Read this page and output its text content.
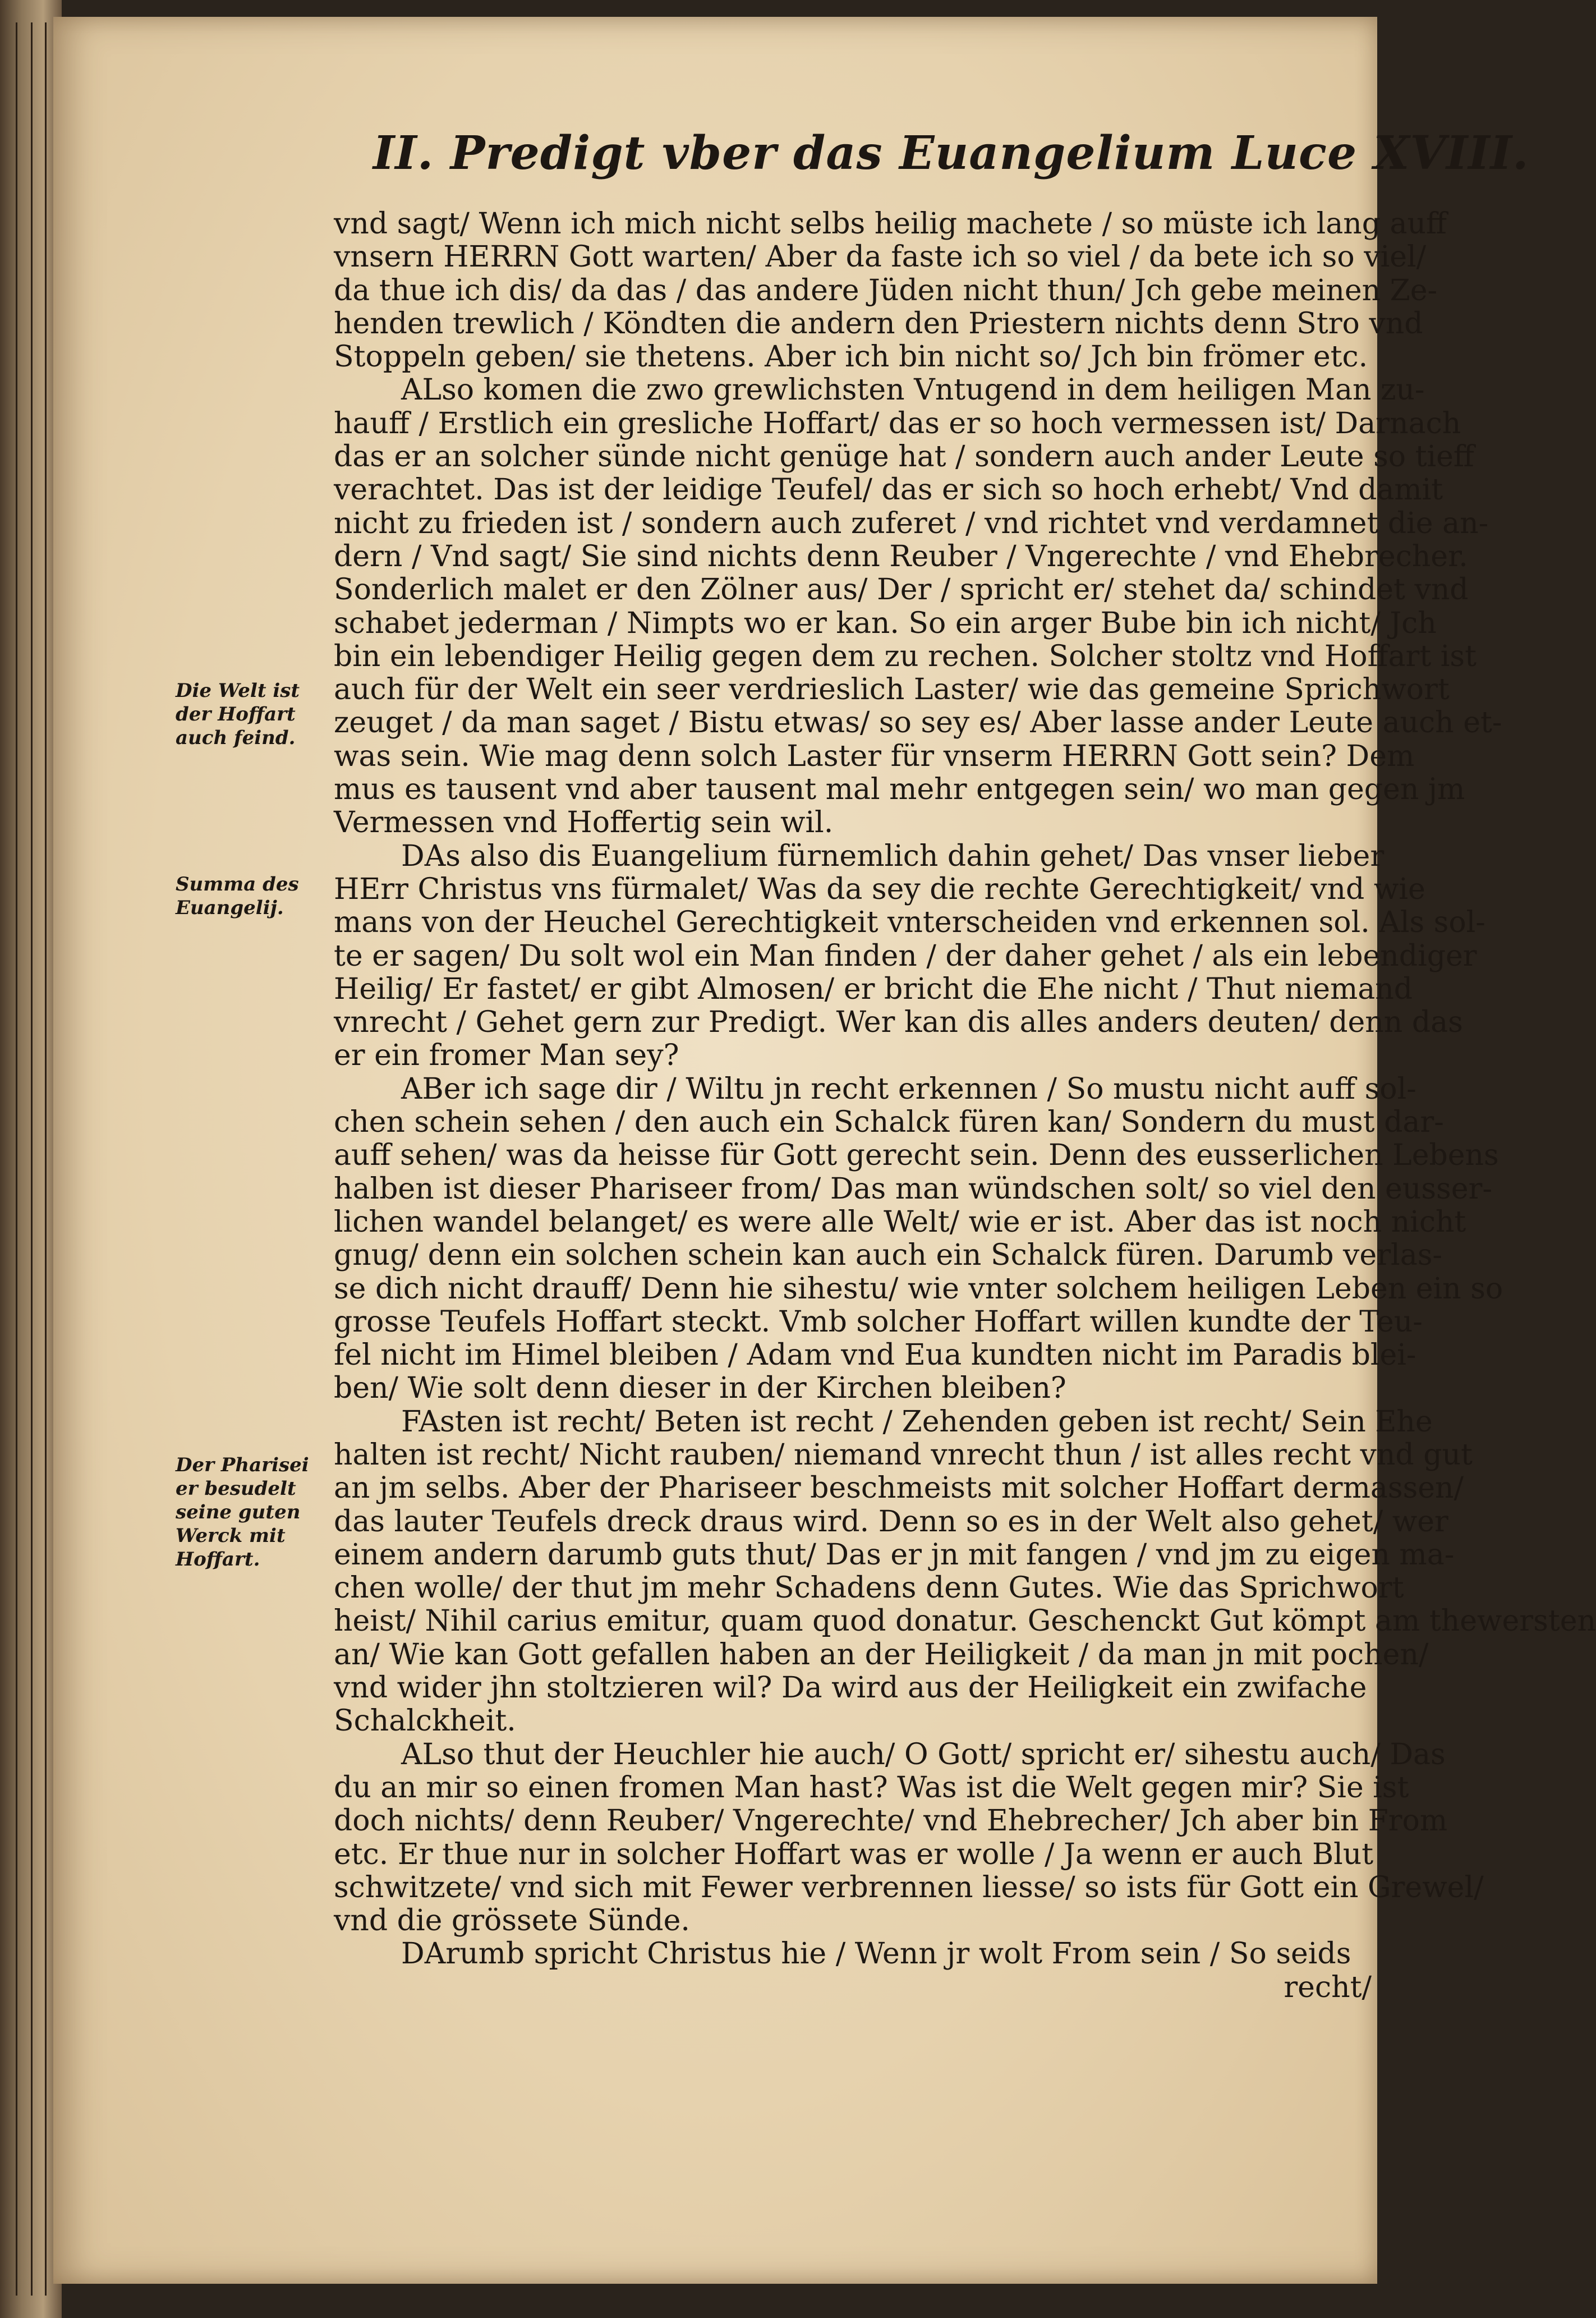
II. Predigt vber das Euangelium Luce XVIII.
Die Welt ist der Hoffart auch feind.
Summa des Euangelij.
Der Pharisei er besudelt seine guten Werck mit Hoffart.
vnd sagt/ Wenn ich mich nicht selbs heilig machete / so müste ich lang auff
vnsern HERRN Gott warten/ Aber da faste ich so viel / da bete ich so viel/
da thue ich dis/ da das / das andere Jüden nicht thun/ Jch gebe meinen Ze-
henden trewlich / Köndten die andern den Priestern nichts denn Stro vnd
Stoppeln geben/ sie thetens. Aber ich bin nicht so/ Jch bin frömer etc.
ALso komen die zwo grewlichsten Vntugend in dem heiligen Man zu-
hauff / Erstlich ein gresliche Hoffart/ das er so hoch vermessen ist/ Darnach
das er an solcher sünde nicht genüge hat / sondern auch ander Leute so tieff
verachtet. Das ist der leidige Teufel/ das er sich so hoch erhebt/ Vnd damit
nicht zu frieden ist / sondern auch zuferet / vnd richtet vnd verdamnet die an-
dern / Vnd sagt/ Sie sind nichts denn Reuber / Vngerechte / vnd Ehebrecher.
Sonderlich malet er den Zölner aus/ Der / spricht er/ stehet da/ schindet vnd
schabet jederman / Nimpts wo er kan. So ein arger Bube bin ich nicht/ Jch
bin ein lebendiger Heilig gegen dem zu rechen. Solcher stoltz vnd Hoffart ist
auch für der Welt ein seer verdrieslich Laster/ wie das gemeine Sprichwort
zeuget / da man saget / Bistu etwas/ so sey es/ Aber lasse ander Leute auch et-
was sein. Wie mag denn solch Laster für vnserm HERRN Gott sein? Dem
mus es tausent vnd aber tausent mal mehr entgegen sein/ wo man gegen jm
Vermessen vnd Hoffertig sein wil.
DAs also dis Euangelium fürnemlich dahin gehet/ Das vnser lieber
HErr Christus vns fürmalet/ Was da sey die rechte Gerechtigkeit/ vnd wie
mans von der Heuchel Gerechtigkeit vnterscheiden vnd erkennen sol. Als sol-
te er sagen/ Du solt wol ein Man finden / der daher gehet / als ein lebendiger
Heilig/ Er fastet/ er gibt Almosen/ er bricht die Ehe nicht / Thut niemand
vnrecht / Gehet gern zur Predigt. Wer kan dis alles anders deuten/ denn das
er ein fromer Man sey?
ABer ich sage dir / Wiltu jn recht erkennen / So mustu nicht auff sol-
chen schein sehen / den auch ein Schalck füren kan/ Sondern du must dar-
auff sehen/ was da heisse für Gott gerecht sein. Denn des eusserlichen Lebens
halben ist dieser Phariseer from/ Das man wündschen solt/ so viel den eusser-
lichen wandel belanget/ es were alle Welt/ wie er ist. Aber das ist noch nicht
gnug/ denn ein solchen schein kan auch ein Schalck füren. Darumb verlas-
se dich nicht drauff/ Denn hie sihestu/ wie vnter solchem heiligen Leben ein so
grosse Teufels Hoffart steckt. Vmb solcher Hoffart willen kundte der Teu-
fel nicht im Himel bleiben / Adam vnd Eua kundten nicht im Paradis blei-
ben/ Wie solt denn dieser in der Kirchen bleiben?
FAsten ist recht/ Beten ist recht / Zehenden geben ist recht/ Sein Ehe
halten ist recht/ Nicht rauben/ niemand vnrecht thun / ist alles recht vnd gut
an jm selbs. Aber der Phariseer beschmeists mit solcher Hoffart dermassen/
das lauter Teufels dreck draus wird. Denn so es in der Welt also gehet/ wer
einem andern darumb guts thut/ Das er jn mit fangen / vnd jm zu eigen ma-
chen wolle/ der thut jm mehr Schadens denn Gutes. Wie das Sprichwort
heist/ Nihil carius emitur, quam quod donatur. Geschenckt Gut kömpt am thewersten
an/ Wie kan Gott gefallen haben an der Heiligkeit / da man jn mit pochen/
vnd wider jhn stoltzieren wil? Da wird aus der Heiligkeit ein zwifache
Schalckheit.
ALso thut der Heuchler hie auch/ O Gott/ spricht er/ sihestu auch/ Das
du an mir so einen fromen Man hast? Was ist die Welt gegen mir? Sie ist
doch nichts/ denn Reuber/ Vngerechte/ vnd Ehebrecher/ Jch aber bin From
etc. Er thue nur in solcher Hoffart was er wolle / Ja wenn er auch Blut
schwitzete/ vnd sich mit Fewer verbrennen liesse/ so ists für Gott ein Grewel/
vnd die grössete Sünde.
DArumb spricht Christus hie / Wenn jr wolt From sein / So seids
recht/
